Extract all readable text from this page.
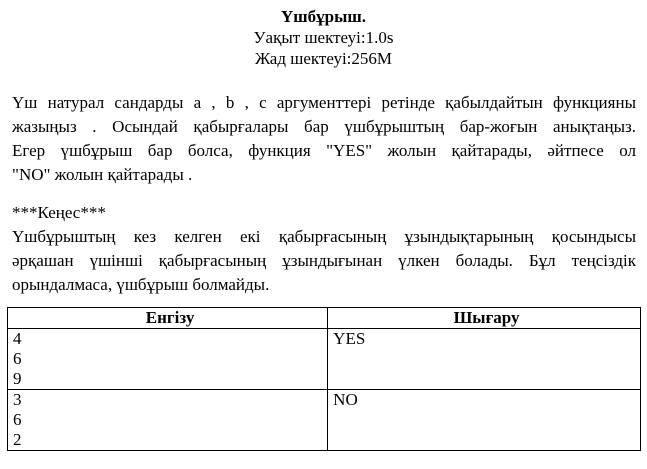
Үшбұрыш.
Уақыт шектеуі:1.0s
Жад шектеуі:256M
Үш натурал сандарды a , b , c аргументтері ретінде қабылдайтын функцияны
жазыңыз . Осындай қабырғалары бар үшбұрыштың бар-жоғын анықтаңыз.
Егер үшбұрыш бар болса, функция "YES" жолын қайтарады, әйтпесе ол
"NO" жолын қайтарады .
***Кеңес***
Үшбұрыштың кез келген екі қабырғасының ұзындықтарының қосындысы
әрқашан үшінші қабырғасының ұзындығынан үлкен болады. Бұл теңсіздік
орындалмаса, үшбұрыш болмайды.
Енгізу	Шығару

4
6
9	YES

3
6
2	NO
